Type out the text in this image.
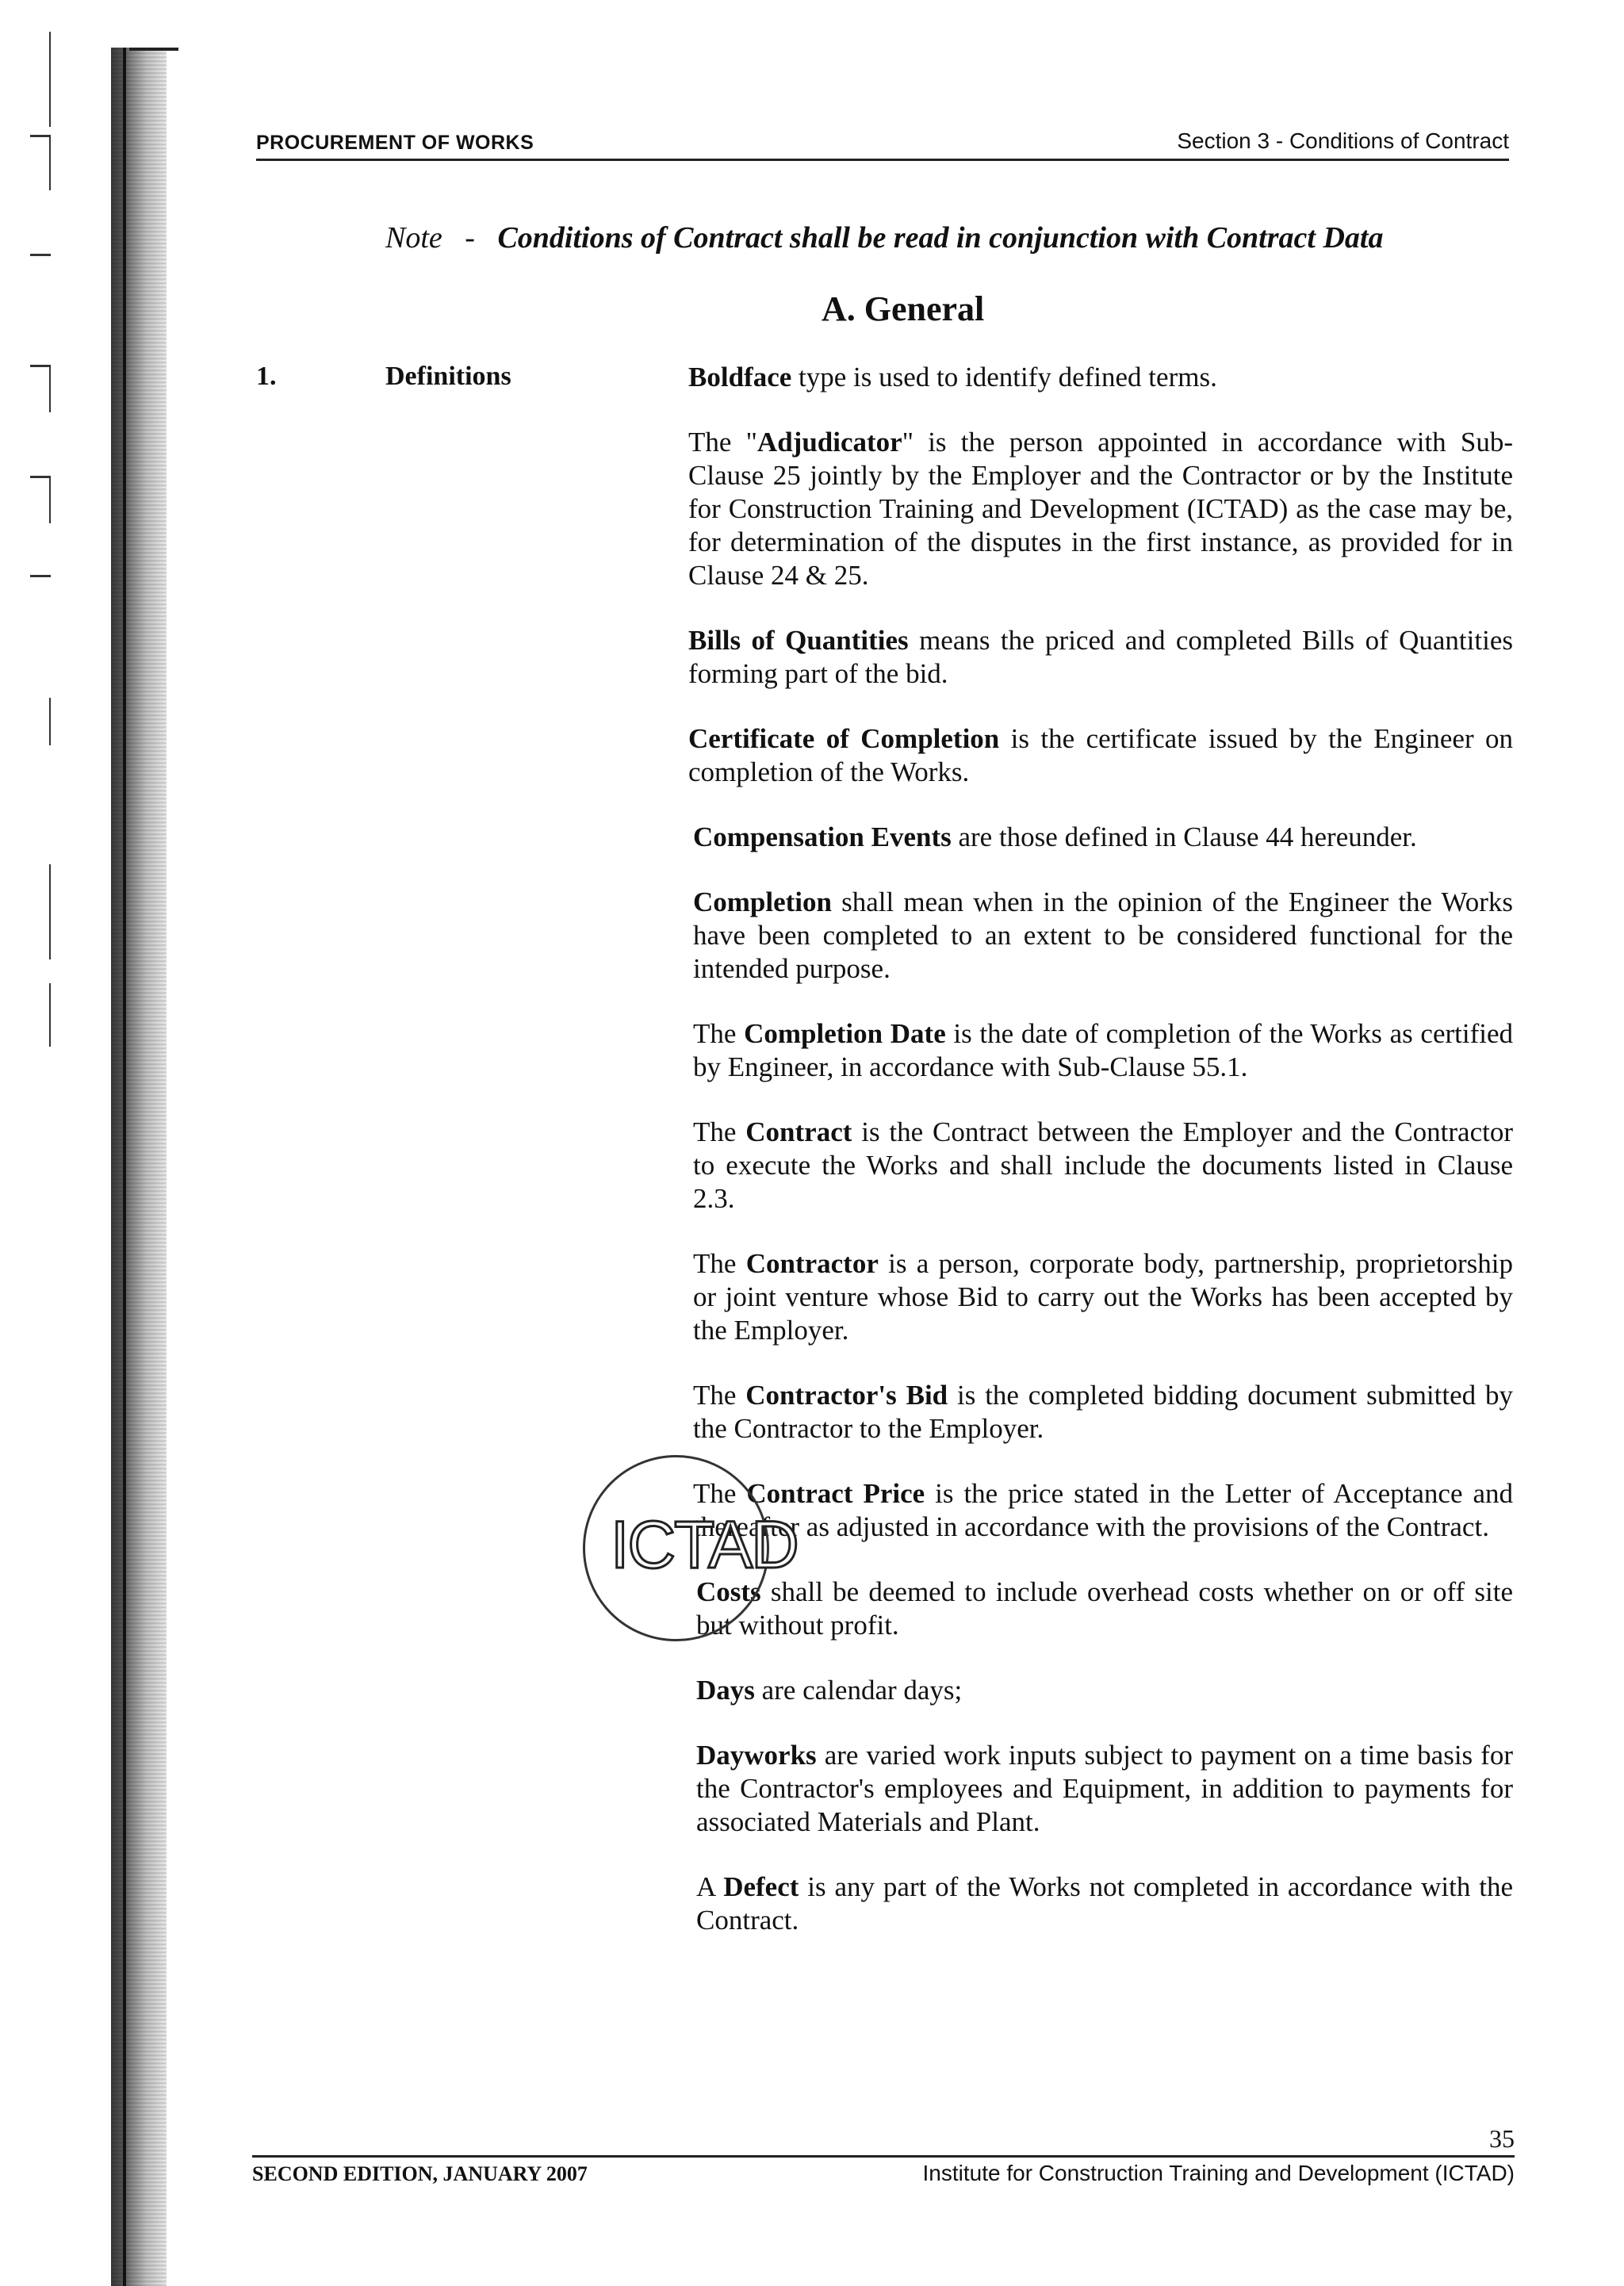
PROCUREMENT OF WORKS	Section 3 - Conditions of Contract
Note - Conditions of Contract shall be read in conjunction with Contract Data
A. General
1.	Definitions	Boldface type is used to identify defined terms.

The "Adjudicator" is the person appointed in accordance with Sub-Clause 25 jointly by the Employer and the Contractor or by the Institute for Construction Training and Development (ICTAD) as the case may be, for determination of the disputes in the first instance, as provided for in Clause 24 & 25.

Bills of Quantities means the priced and completed Bills of Quantities forming part of the bid.

Certificate of Completion is the certificate issued by the Engineer on completion of the Works.

Compensation Events are those defined in Clause 44 hereunder.

Completion shall mean when in the opinion of the Engineer the Works have been completed to an extent to be considered functional for the intended purpose.

The Completion Date is the date of completion of the Works as certified by Engineer, in accordance with Sub-Clause 55.1.

The Contract is the Contract between the Employer and the Contractor to execute the Works and shall include the documents listed in Clause 2.3.

The Contractor is a person, corporate body, partnership, proprietorship or joint venture whose Bid to carry out the Works has been accepted by the Employer.

The Contractor's Bid is the completed bidding document submitted by the Contractor to the Employer.

The Contract Price is the price stated in the Letter of Acceptance and thereafter as adjusted in accordance with the provisions of the Contract.

Costs shall be deemed to include overhead costs whether on or off site but without profit.

Days are calendar days;

Dayworks are varied work inputs subject to payment on a time basis for the Contractor's employees and Equipment, in addition to payments for associated Materials and Plant.

A Defect is any part of the Works not completed in accordance with the Contract.

ICTAD
35
SECOND EDITION, JANUARY 2007	Institute for Construction Training and Development (ICTAD)
